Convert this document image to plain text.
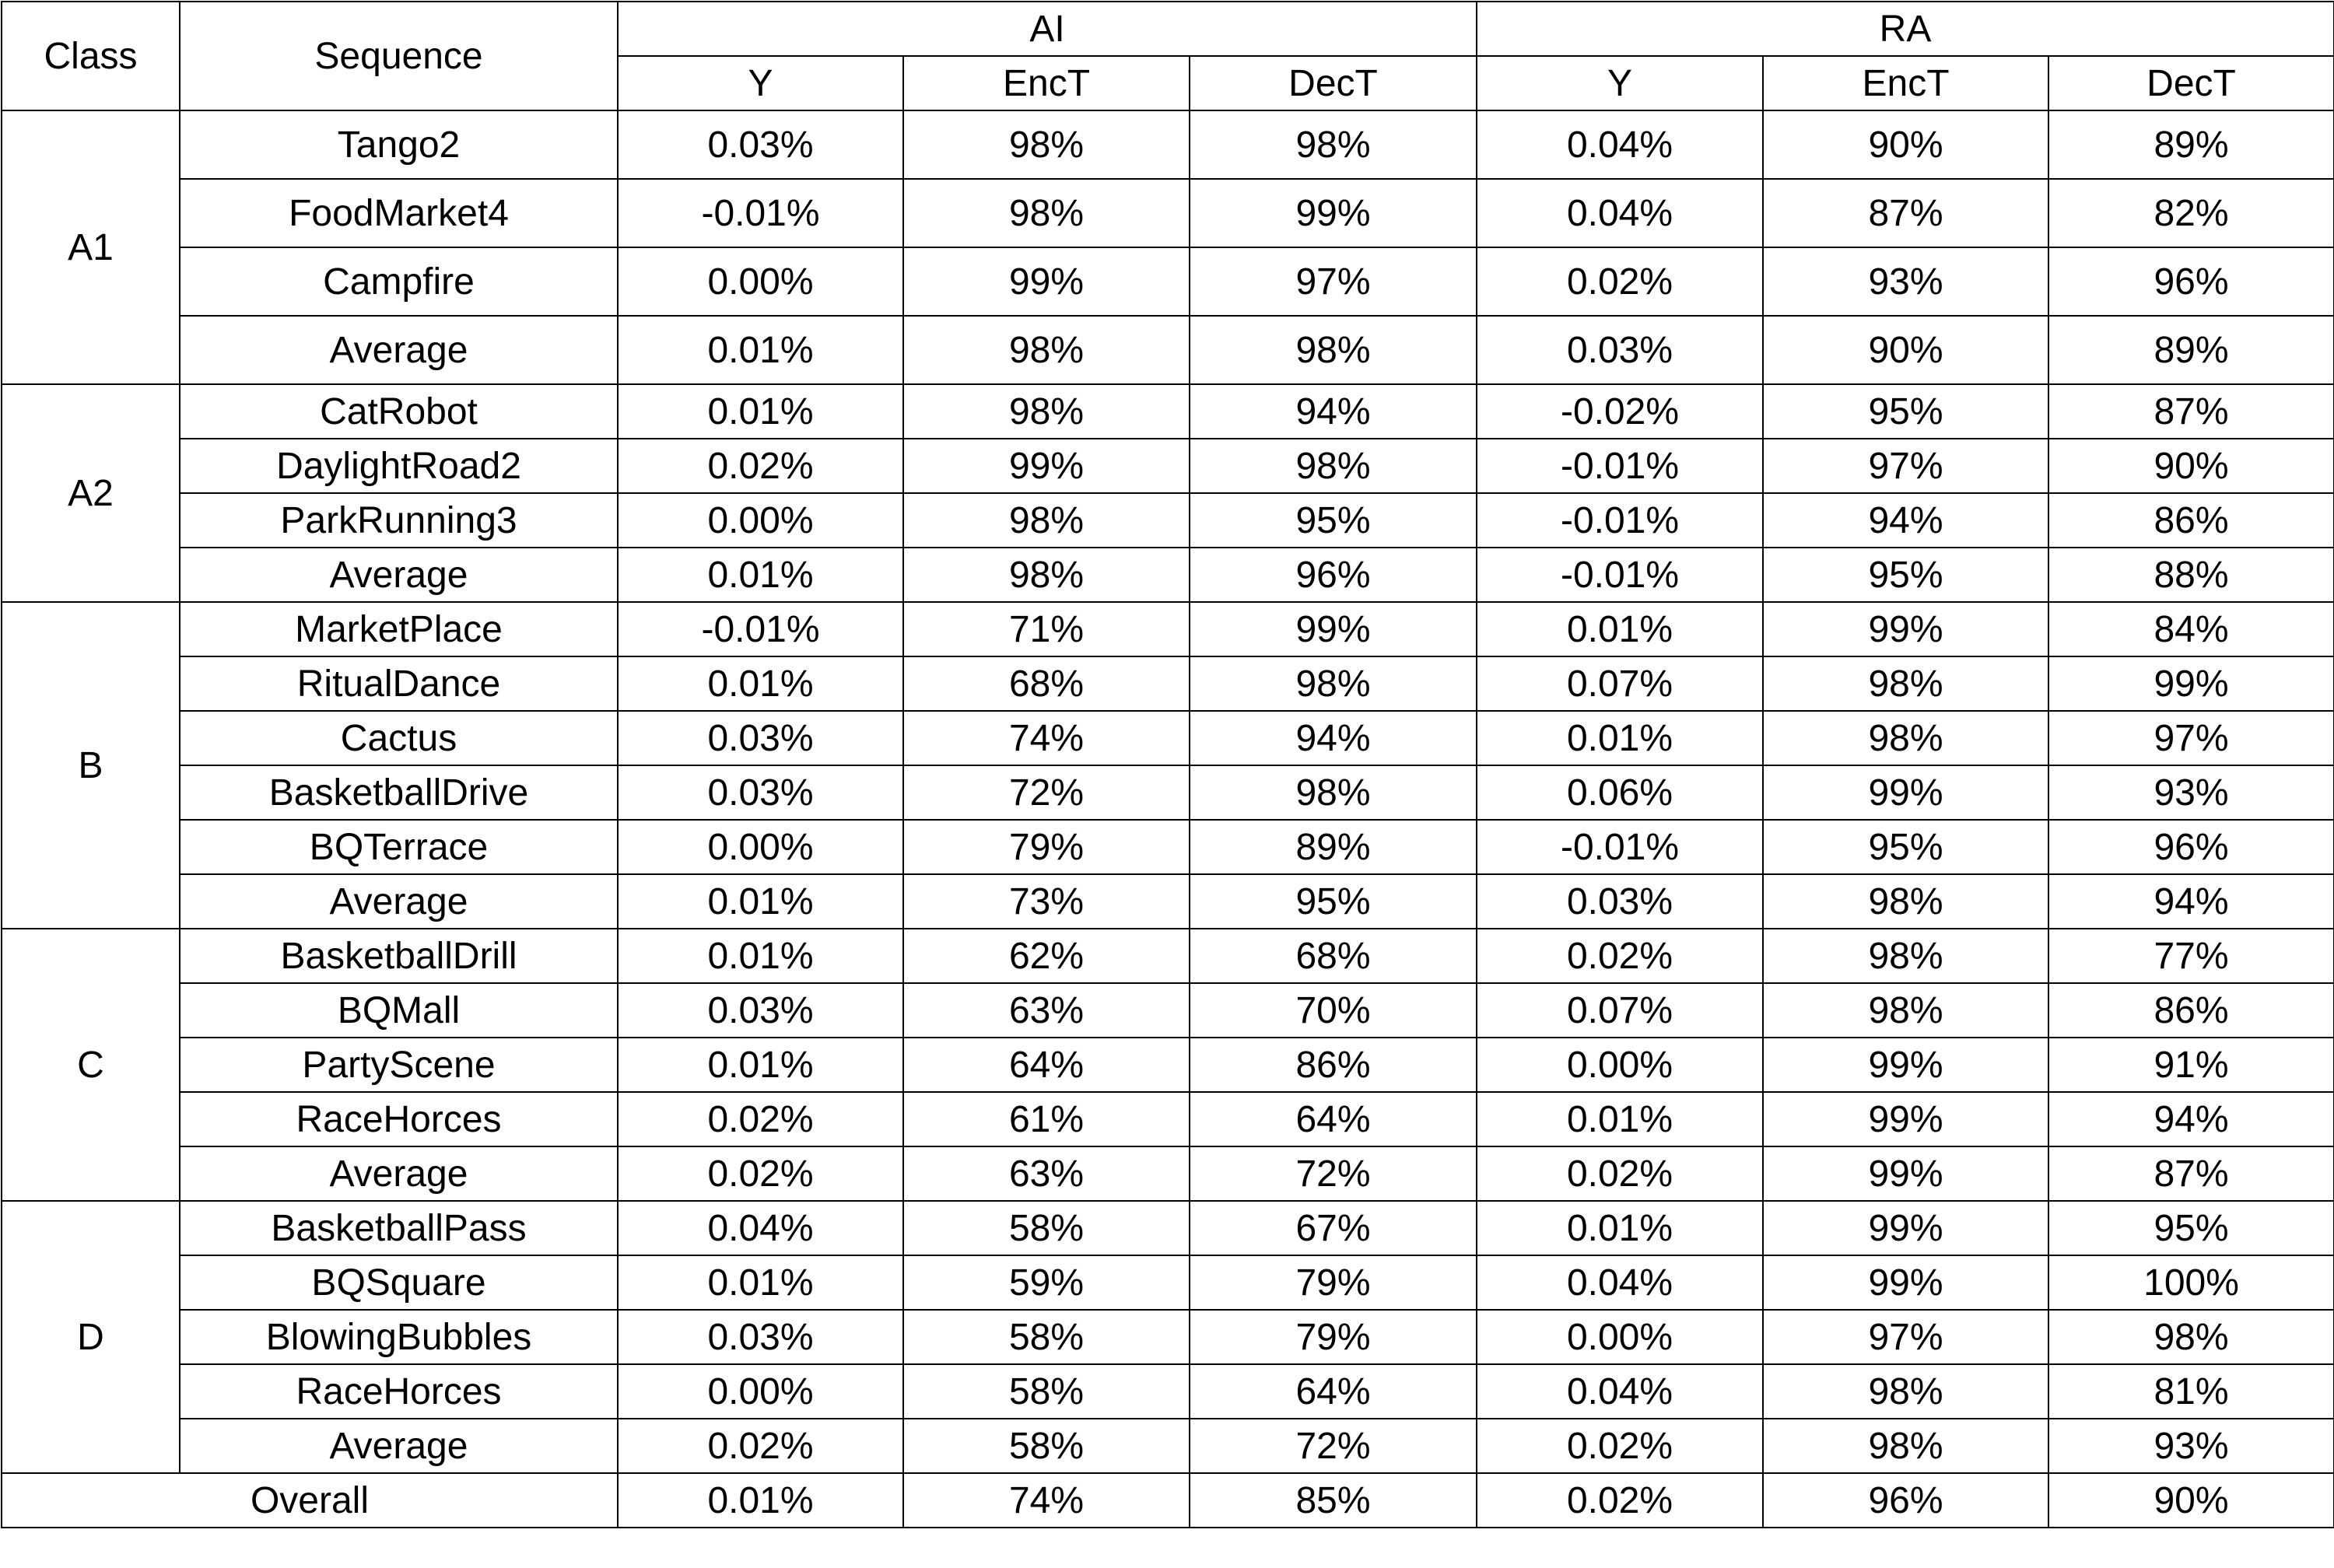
Class	Sequence	AI			RA		
		Y	EncT	DecT	Y	EncT	DecT
A1	Tango2	0.03%	98%	98%	0.04%	90%	89%
	FoodMarket4	-0.01%	98%	99%	0.04%	87%	82%
	Campfire	0.00%	99%	97%	0.02%	93%	96%
	Average	0.01%	98%	98%	0.03%	90%	89%
A2	CatRobot	0.01%	98%	94%	-0.02%	95%	87%
	DaylightRoad2	0.02%	99%	98%	-0.01%	97%	90%
	ParkRunning3	0.00%	98%	95%	-0.01%	94%	86%
	Average	0.01%	98%	96%	-0.01%	95%	88%
B	MarketPlace	-0.01%	71%	99%	0.01%	99%	84%
	RitualDance	0.01%	68%	98%	0.07%	98%	99%
	Cactus	0.03%	74%	94%	0.01%	98%	97%
	BasketballDrive	0.03%	72%	98%	0.06%	99%	93%
	BQTerrace	0.00%	79%	89%	-0.01%	95%	96%
	Average	0.01%	73%	95%	0.03%	98%	94%
C	BasketballDrill	0.01%	62%	68%	0.02%	98%	77%
	BQMall	0.03%	63%	70%	0.07%	98%	86%
	PartyScene	0.01%	64%	86%	0.00%	99%	91%
	RaceHorces	0.02%	61%	64%	0.01%	99%	94%
	Average	0.02%	63%	72%	0.02%	99%	87%
D	BasketballPass	0.04%	58%	67%	0.01%	99%	95%
	BQSquare	0.01%	59%	79%	0.04%	99%	100%
	BlowingBubbles	0.03%	58%	79%	0.00%	97%	98%
	RaceHorces	0.00%	58%	64%	0.04%	98%	81%
	Average	0.02%	58%	72%	0.02%	98%	93%
Overall		0.01%	74%	85%	0.02%	96%	90%
